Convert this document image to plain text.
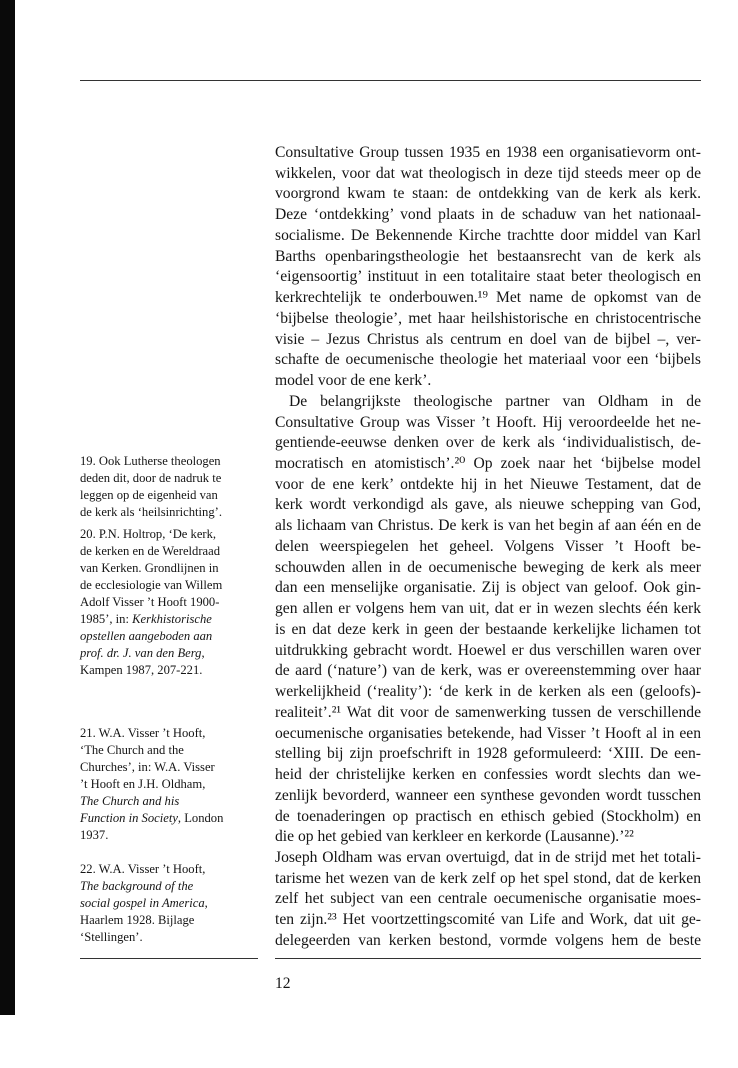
19. Ook Lutherse theologen
deden dit, door de nadruk te
leggen op de eigenheid van
de kerk als ‘heilsinrichting’.
20. P.N. Holtrop, ‘De kerk,
de kerken en de Wereldraad
van Kerken. Grondlijnen in
de ecclesiologie van Willem
Adolf Visser ’t Hooft 1900-
1985’, in: Kerkhistorische
opstellen aangeboden aan
prof. dr. J. van den Berg,
Kampen 1987, 207-221.
21. W.A. Visser ’t Hooft,
‘The Church and the
Churches’, in: W.A. Visser
’t Hooft en J.H. Oldham,
The Church and his
Function in Society, London
1937.
22. W.A. Visser ’t Hooft,
The background of the
social gospel in America,
Haarlem 1928. Bijlage
‘Stellingen’.
Consultative Group tussen 1935 en 1938 een organisatievorm ont-
wikkelen, voor dat wat theologisch in deze tijd steeds meer op de
voorgrond kwam te staan: de ontdekking van de kerk als kerk.
Deze ‘ontdekking’ vond plaats in de schaduw van het nationaal-
socialisme. De Bekennende Kirche trachtte door middel van Karl
Barths openbaringstheologie het bestaansrecht van de kerk als
‘eigensoortig’ instituut in een totalitaire staat beter theologisch en
kerkrechtelijk te onderbouwen.¹⁹ Met name de opkomst van de
‘bijbelse theologie’, met haar heilshistorische en christocentrische
visie – Jezus Christus als centrum en doel van de bijbel –, ver-
schafte de oecumenische theologie het materiaal voor een ‘bijbels
model voor de ene kerk’.
De belangrijkste theologische partner van Oldham in de
Consultative Group was Visser ’t Hooft. Hij veroordeelde het ne-
gentiende-eeuwse denken over de kerk als ‘individualistisch, de-
mocratisch en atomistisch’.²⁰ Op zoek naar het ‘bijbelse model
voor de ene kerk’ ontdekte hij in het Nieuwe Testament, dat de
kerk wordt verkondigd als gave, als nieuwe schepping van God,
als lichaam van Christus. De kerk is van het begin af aan één en de
delen weerspiegelen het geheel. Volgens Visser ’t Hooft be-
schouwden allen in de oecumenische beweging de kerk als meer
dan een menselijke organisatie. Zij is object van geloof. Ook gin-
gen allen er volgens hem van uit, dat er in wezen slechts één kerk
is en dat deze kerk in geen der bestaande kerkelijke lichamen tot
uitdrukking gebracht wordt. Hoewel er dus verschillen waren over
de aard (‘nature’) van de kerk, was er overeenstemming over haar
werkelijkheid (‘reality’): ‘de kerk in de kerken als een (geloofs)-
realiteit’.²¹ Wat dit voor de samenwerking tussen de verschillende
oecumenische organisaties betekende, had Visser ’t Hooft al in een
stelling bij zijn proefschrift in 1928 geformuleerd: ‘XIII. De een-
heid der christelijke kerken en confessies wordt slechts dan we-
zenlijk bevorderd, wanneer een synthese gevonden wordt tusschen
de toenaderingen op practisch en ethisch gebied (Stockholm) en
die op het gebied van kerkleer en kerkorde (Lausanne).’²²
Joseph Oldham was ervan overtuigd, dat in de strijd met het totali-
tarisme het wezen van de kerk zelf op het spel stond, dat de kerken
zelf het subject van een centrale oecumenische organisatie moes-
ten zijn.²³ Het voortzettingscomité van Life and Work, dat uit ge-
delegeerden van kerken bestond, vormde volgens hem de beste
12
